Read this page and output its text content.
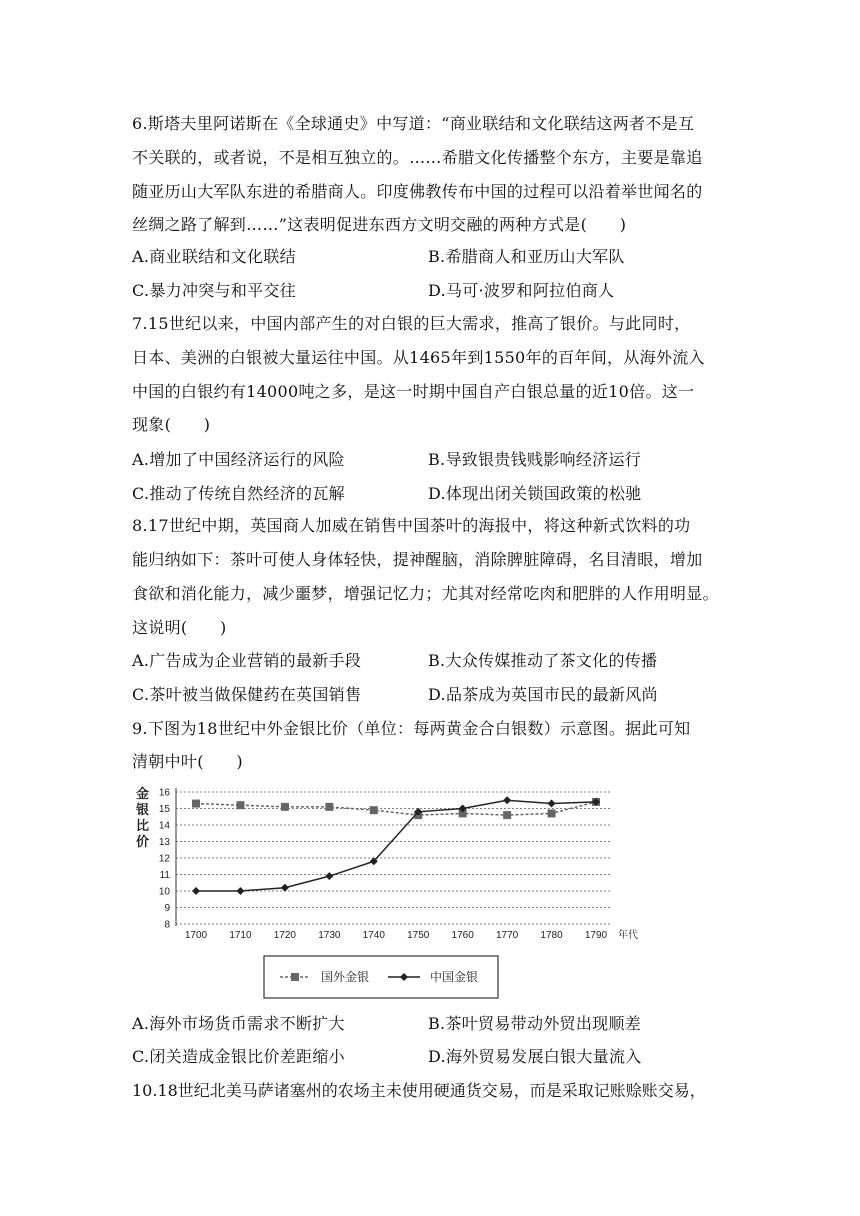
6.斯塔夫里阿诺斯在《全球通史》中写道：“商业联结和文化联结这两者不是互
不关联的，或者说，不是相互独立的。……希腊文化传播整个东方，主要是靠追
随亚历山大军队东进的希腊商人。印度佛教传布中国的过程可以沿着举世闻名的
丝绸之路了解到……”这表明促进东西方文明交融的两种方式是(　　)
A.商业联结和文化联结	B.希腊商人和亚历山大军队
C.暴力冲突与和平交往	D.马可·波罗和阿拉伯商人
7.15世纪以来，中国内部产生的对白银的巨大需求，推高了银价。与此同时，
日本、美洲的白银被大量运往中国。从1465年到1550年的百年间，从海外流入
中国的白银约有14000吨之多，是这一时期中国自产白银总量的近10倍。这一
现象(　　)
A.增加了中国经济运行的风险	B.导致银贵钱贱影响经济运行
C.推动了传统自然经济的瓦解	D.体现出闭关锁国政策的松驰
8.17世纪中期，英国商人加威在销售中国茶叶的海报中，将这种新式饮料的功
能归纳如下：茶叶可使人身体轻快，提神醒脑，消除脾脏障碍，名目清眼，增加
食欲和消化能力，减少噩梦，增强记忆力；尤其对经常吃肉和肥胖的人作用明显。
这说明(　　)
A.广告成为企业营销的最新手段	B.大众传媒推动了茶文化的传播
C.茶叶被当做保健药在英国销售	D.品茶成为英国市民的最新风尚
9.下图为18世纪中外金银比价（单位：每两黄金合白银数）示意图。据此可知
清朝中叶(　　)
金
银
比
价
8
9
10
11
12
13
14
15
16
1700 1710 1720 1730 1740 1750 1760 1770 1780 1790 年代
国外金银	中国金银
A.海外市场货币需求不断扩大	B.茶叶贸易带动外贸出现顺差
C.闭关造成金银比价差距缩小	D.海外贸易发展白银大量流入
10.18世纪北美马萨诸塞州的农场主未使用硬通货交易，而是采取记账赊账交易，
